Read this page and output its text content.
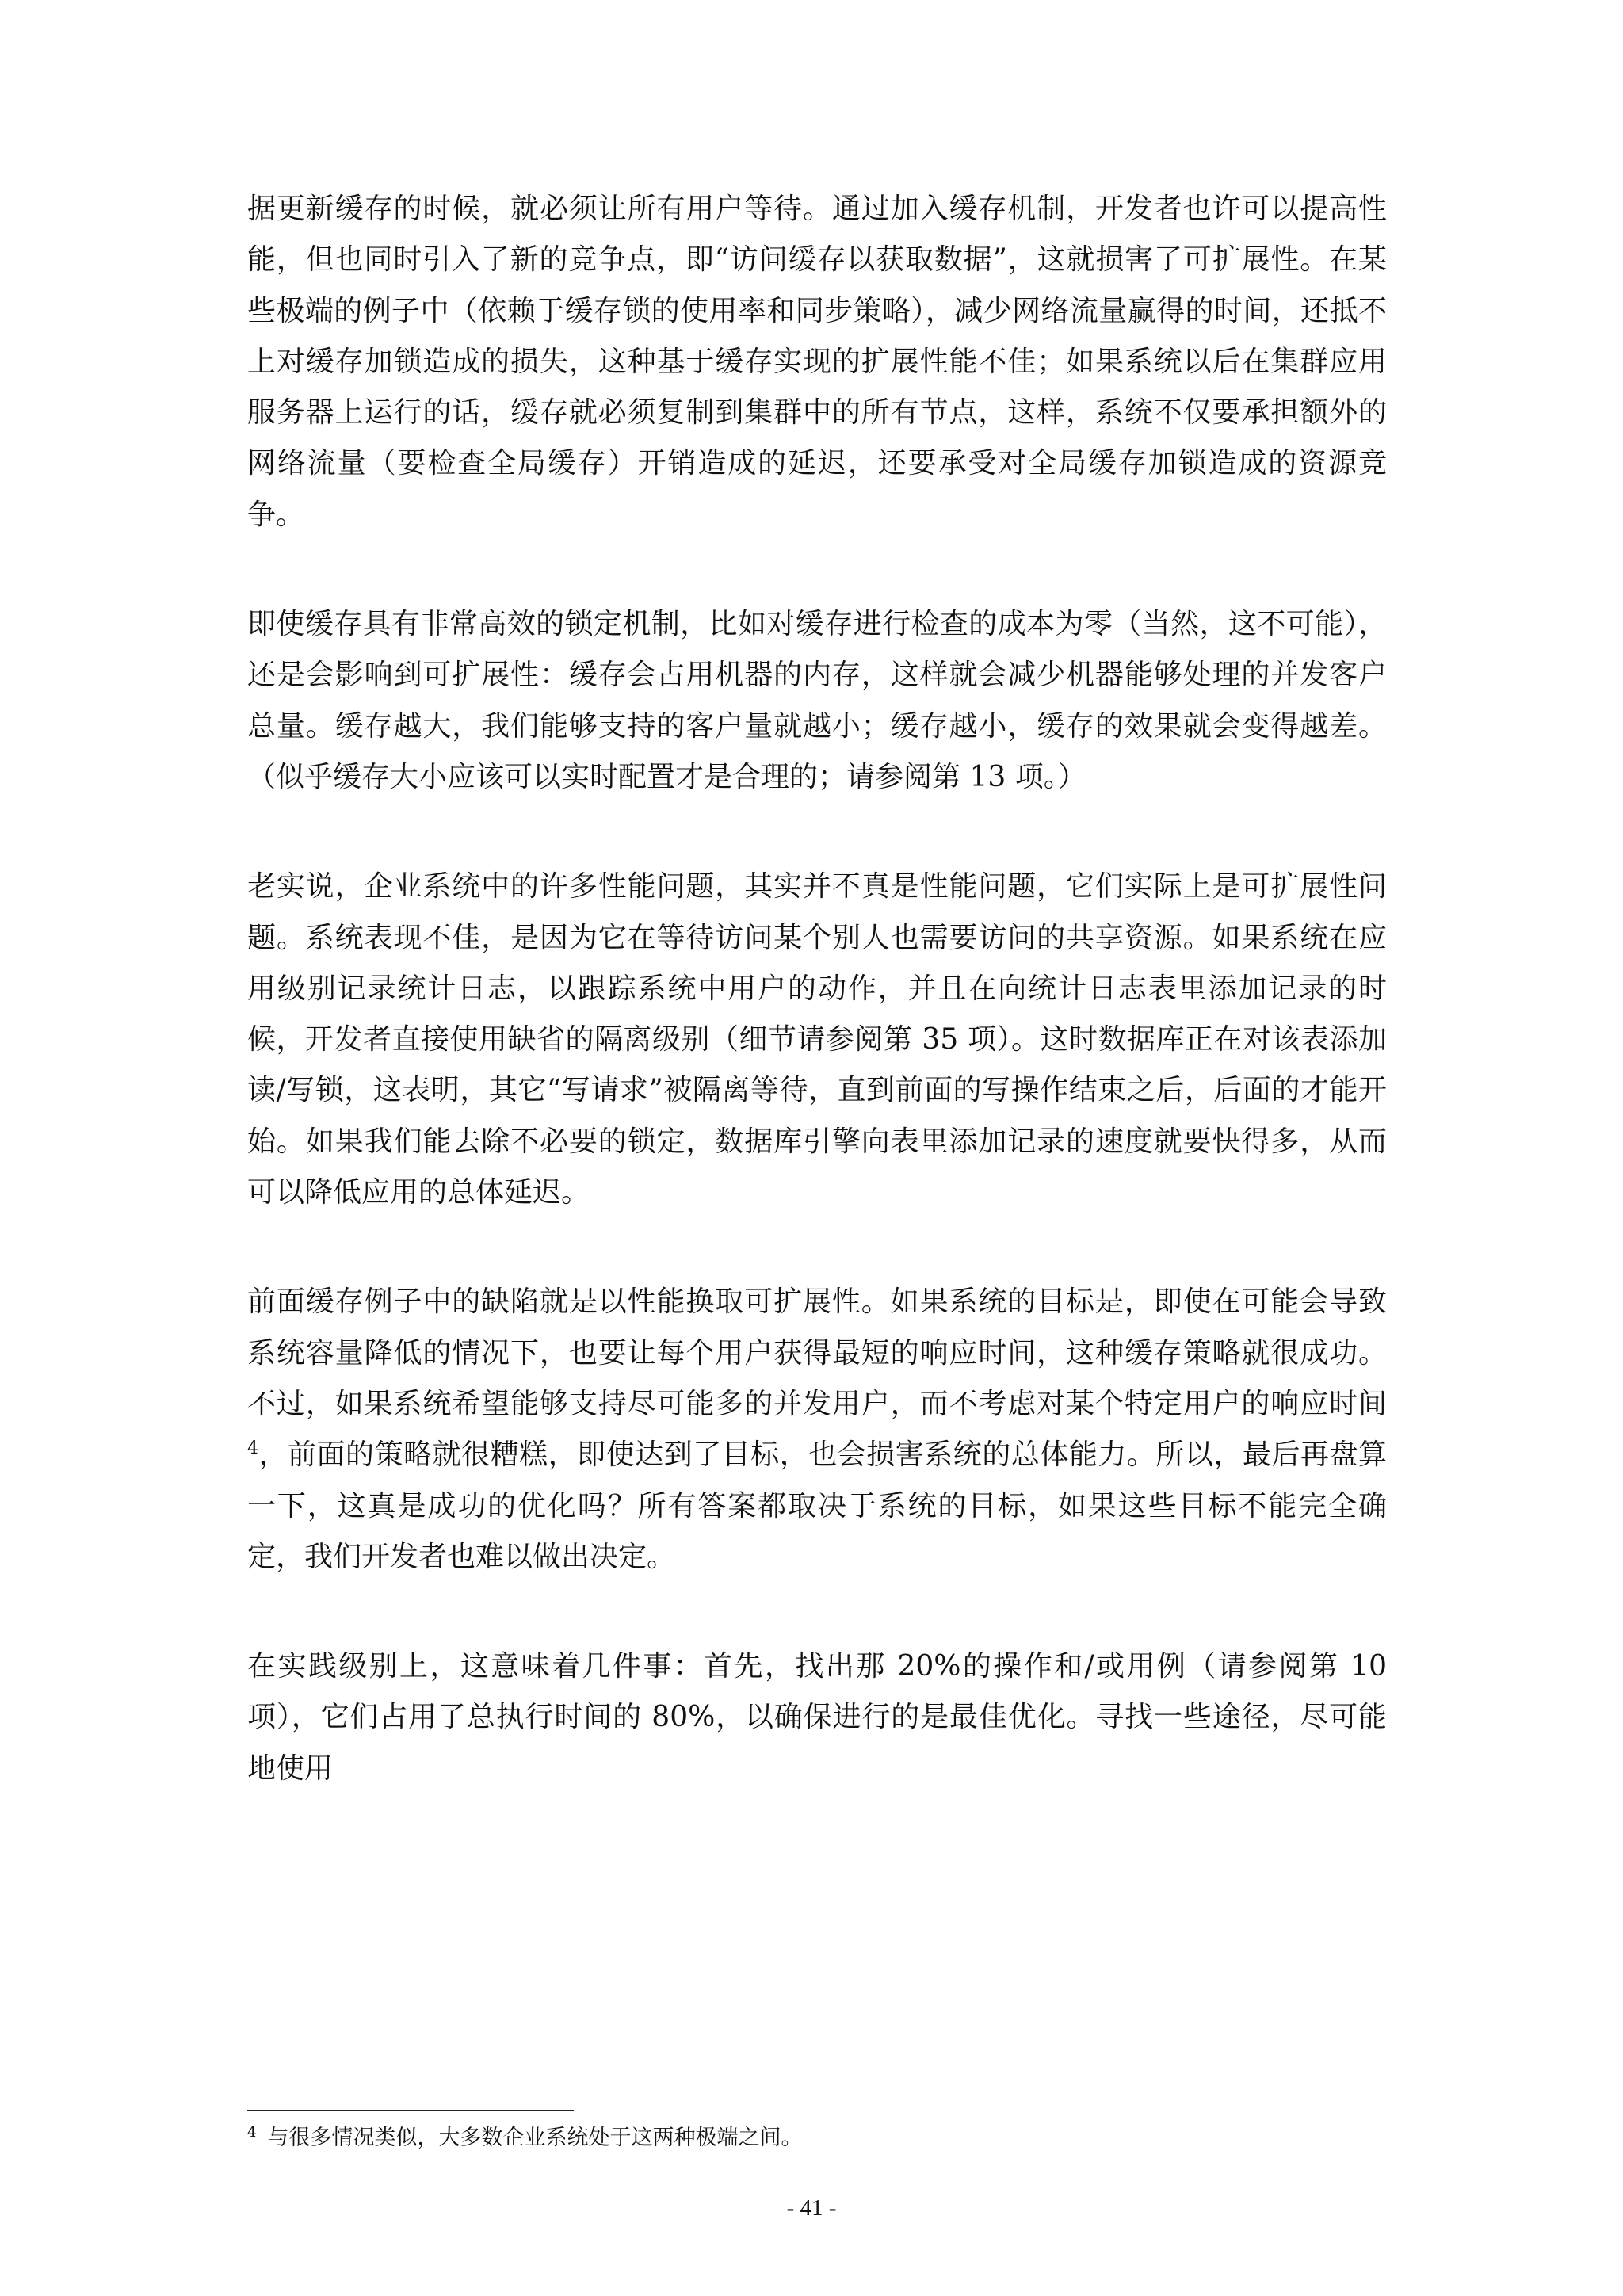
据更新缓存的时候，就必须让所有用户等待。通过加入缓存机制，开发者也许可以提高性能，但也同时引入了新的竞争点，即“访问缓存以获取数据”，这就损害了可扩展性。在某些极端的例子中（依赖于缓存锁的使用率和同步策略），减少网络流量赢得的时间，还抵不上对缓存加锁造成的损失，这种基于缓存实现的扩展性能不佳；如果系统以后在集群应用服务器上运行的话，缓存就必须复制到集群中的所有节点，这样，系统不仅要承担额外的网络流量（要检查全局缓存）开销造成的延迟，还要承受对全局缓存加锁造成的资源竞争。

即使缓存具有非常高效的锁定机制，比如对缓存进行检查的成本为零（当然，这不可能），还是会影响到可扩展性：缓存会占用机器的内存，这样就会减少机器能够处理的并发客户总量。缓存越大，我们能够支持的客户量就越小；缓存越小，缓存的效果就会变得越差。（似乎缓存大小应该可以实时配置才是合理的；请参阅第 13 项。）

老实说，企业系统中的许多性能问题，其实并不真是性能问题，它们实际上是可扩展性问题。系统表现不佳，是因为它在等待访问某个别人也需要访问的共享资源。如果系统在应用级别记录统计日志，以跟踪系统中用户的动作，并且在向统计日志表里添加记录的时候，开发者直接使用缺省的隔离级别（细节请参阅第 35 项）。这时数据库正在对该表添加读/写锁，这表明，其它“写请求”被隔离等待，直到前面的写操作结束之后，后面的才能开始。如果我们能去除不必要的锁定，数据库引擎向表里添加记录的速度就要快得多，从而可以降低应用的总体延迟。

前面缓存例子中的缺陷就是以性能换取可扩展性。如果系统的目标是，即使在可能会导致系统容量降低的情况下，也要让每个用户获得最短的响应时间，这种缓存策略就很成功。不过，如果系统希望能够支持尽可能多的并发用户，而不考虑对某个特定用户的响应时间$^4$，前面的策略就很糟糕，即使达到了目标，也会损害系统的总体能力。所以，最后再盘算一下，这真是成功的优化吗？所有答案都取决于系统的目标，如果这些目标不能完全确定，我们开发者也难以做出决定。

在实践级别上，这意味着几件事：首先，找出那 20%的操作和/或用例（请参阅第 10 项），它们占用了总执行时间的 80%，以确保进行的是最佳优化。寻找一些途径，尽可能地使用

$^4$ 与很多情况类似，大多数企业系统处于这两种极端之间。
- 41 -
